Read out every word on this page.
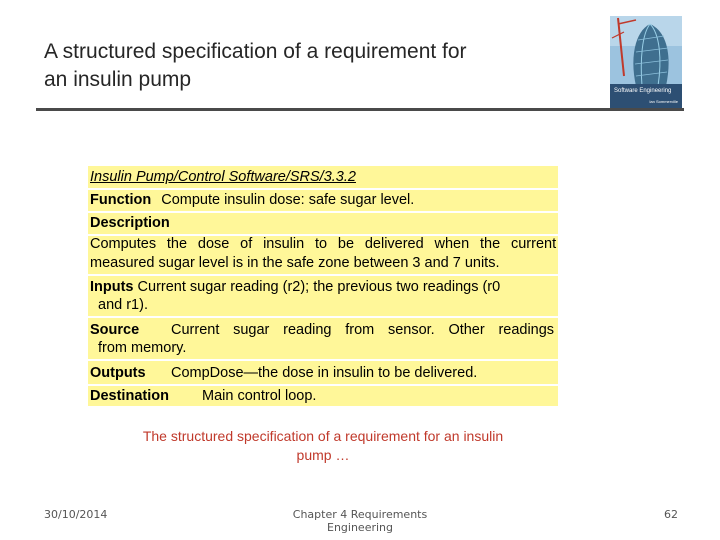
A structured specification of a requirement for
an insulin pump	Software Engineering
Ian Sommerville
Insulin Pump/Control Software/SRS/3.3.2
Function Compute insulin dose: safe sugar level.
Description
Computes the dose of insulin to be delivered when the current
measured sugar level is in the safe zone between 3 and 7 units.
Inputs Current sugar reading (r2); the previous two readings (r0
and r1).
Source Current sugar reading from sensor. Other readings
from memory.
Outputs CompDose—the dose in insulin to be delivered.
Destination Main control loop.
The structured specification of a requirement for an insulin
pump …
30/10/2014	Chapter 4 Requirements Engineering
62
